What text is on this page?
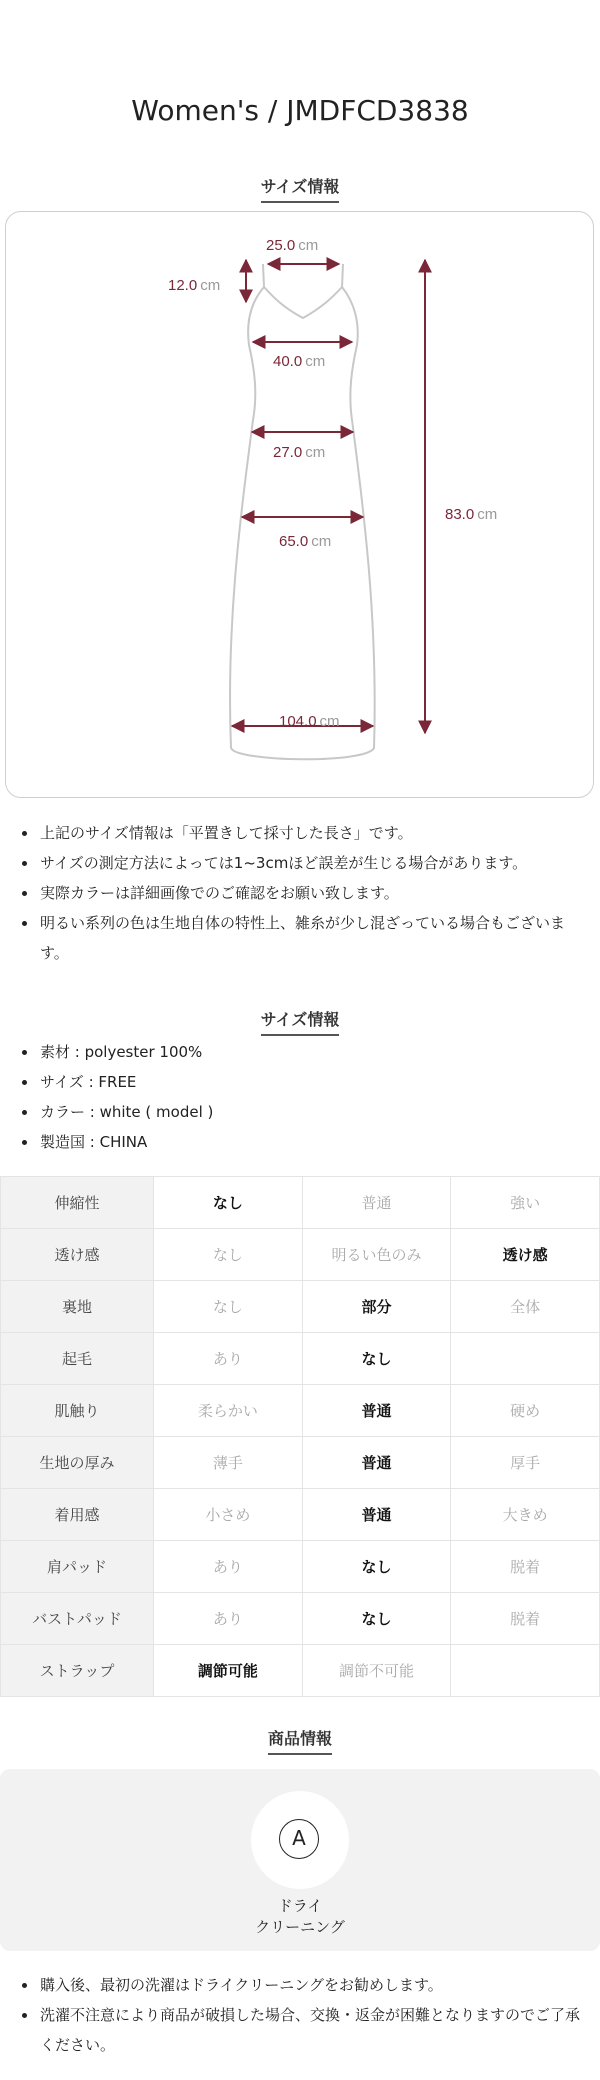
Women's / JMDFCD3838
サイズ情報
25.0 cm
12.0 cm
40.0 cm
27.0 cm
65.0 cm
104.0 cm
83.0 cm
上記のサイズ情報は「平置きして採寸した長さ」です。
サイズの測定方法によっては1~3cmほど誤差が生じる場合があります。
実際カラーは詳細画像でのご確認をお願い致します。
明るい系列の色は生地自体の特性上、雑糸が少し混ざっている場合もございます。
サイズ情報
素材 : polyester 100%
サイズ : FREE
カラー : white ( model )
製造国 : CHINA
伸縮性	なし	普通	強い
透け感	なし	明るい色のみ	透け感
裏地	なし	部分	全体
起毛	あり	なし	
肌触り	柔らかい	普通	硬め
生地の厚み	薄手	普通	厚手
着用感	小さめ	普通	大きめ
肩パッド	あり	なし	脱着
バストパッド	あり	なし	脱着
ストラップ	調節可能	調節不可能	
商品情報
A
ドライ
クリーニング
購入後、最初の洗濯はドライクリーニングをお勧めします。
洗濯不注意により商品が破損した場合、交換・返金が困難となりますのでご了承ください。
